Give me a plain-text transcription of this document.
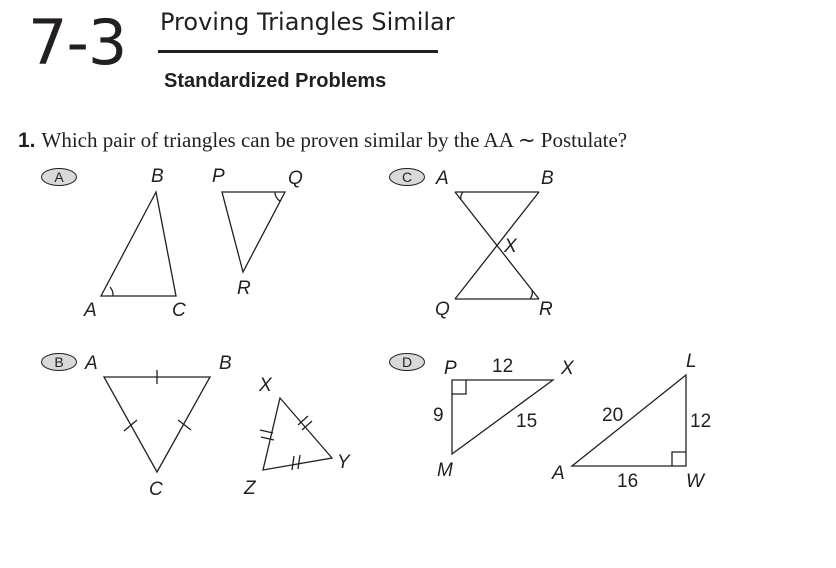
7-3 Proving Triangles Similar
Standardized Problems
1. Which pair of triangles can be proven similar by the AA ∼ Postulate?
A	C
B	D
B
A	C
P	Q
R
A	B
X
Q	R
A	B
C
X
Y
Z
P	X
M
L
A	W
12
9	15	20	12
16
